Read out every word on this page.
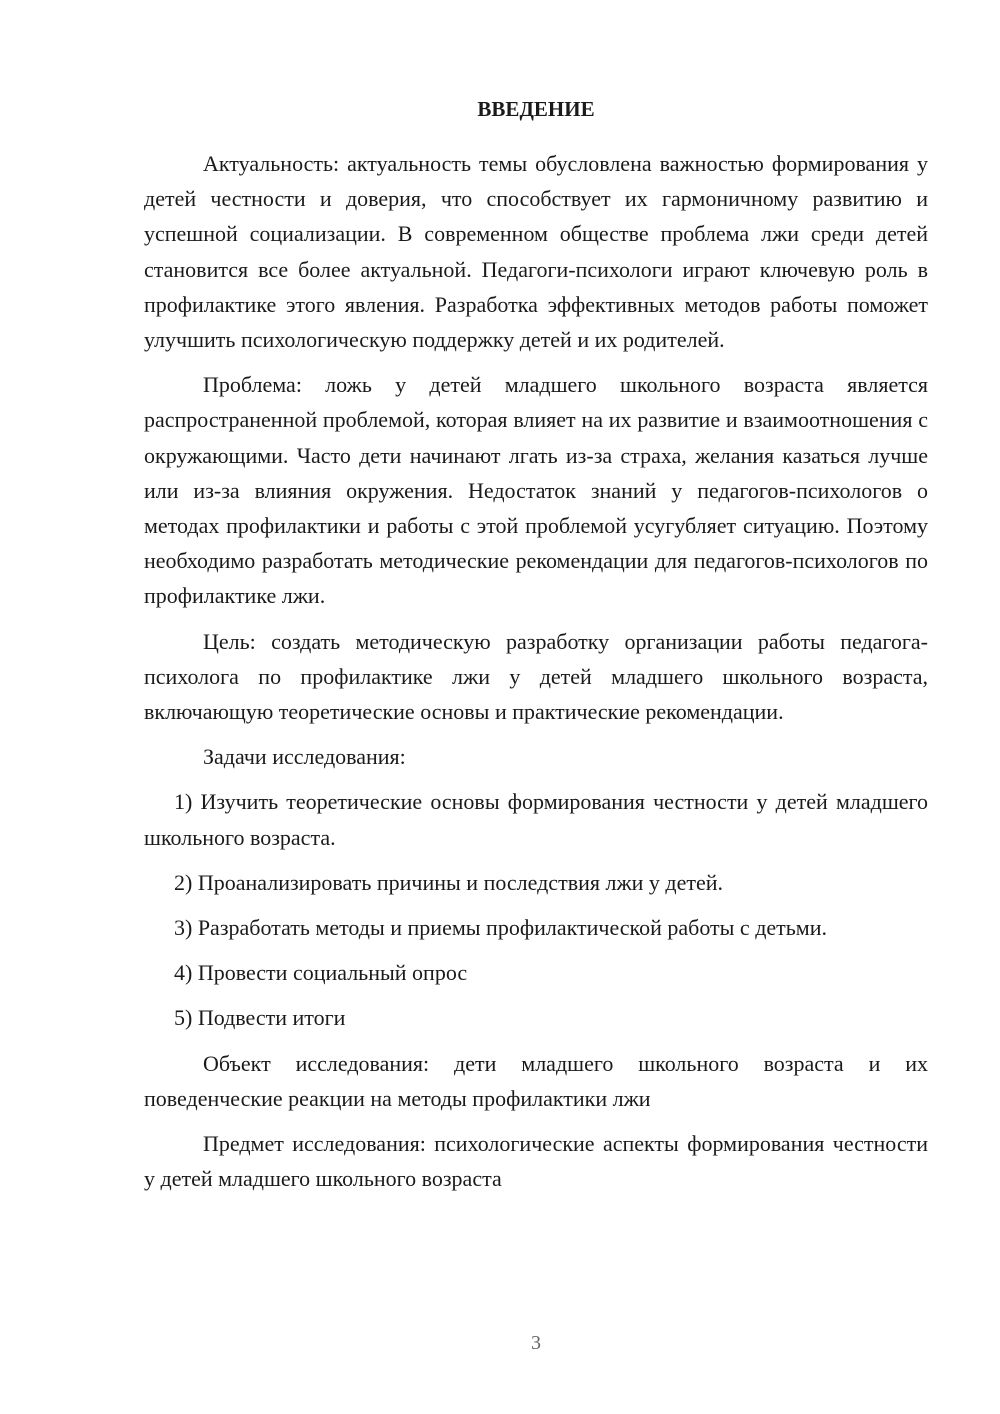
ВВЕДЕНИЕ

Актуальность: актуальность темы обусловлена важностью формирования у детей честности и доверия, что способствует их гармоничному развитию и успешной социализации. В современном обществе проблема лжи среди детей становится все более актуальной. Педагоги-психологи играют ключевую роль в профилактике этого явления. Разработка эффективных методов работы поможет улучшить психологическую поддержку детей и их родителей.

Проблема: ложь у детей младшего школьного возраста является распространенной проблемой, которая влияет на их развитие и взаимоотношения с окружающими. Часто дети начинают лгать из-за страха, желания казаться лучше или из-за влияния окружения. Недостаток знаний у педагогов-психологов о методах профилактики и работы с этой проблемой усугубляет ситуацию. Поэтому необходимо разработать методические рекомендации для педагогов-психологов по профилактике лжи.

Цель: создать методическую разработку организации работы педагога-психолога по профилактике лжи у детей младшего школьного возраста, включающую теоретические основы и практические рекомендации.

Задачи исследования:

1) Изучить теоретические основы формирования честности у детей младшего школьного возраста.
2) Проанализировать причины и последствия лжи у детей.
3) Разработать методы и приемы профилактической работы с детьми.
4) Провести социальный опрос
5) Подвести итоги

Объект исследования: дети младшего школьного возраста и их поведенческие реакции на методы профилактики лжи

Предмет исследования: психологические аспекты формирования честности у детей младшего школьного возраста

3
